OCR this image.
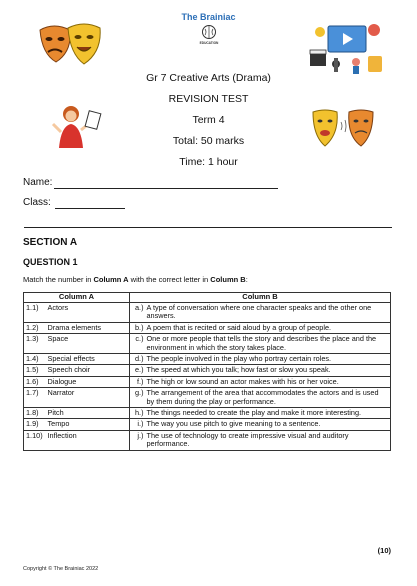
The Brainiac
EDUCATION
Gr 7 Creative Arts (Drama)
REVISION TEST
Term 4
Total: 50 marks
Time: 1 hour
Name:
Class:
SECTION A
QUESTION 1
Match the number in Column A with the correct letter in Column B:
Column A		Column B	
1.1)	Actors	a.)	A type of conversation where one character speaks and the other one answers.
1.2)	Drama elements	b.)	A poem that is recited or said aloud by a group of people.
1.3)	Space	c.)	One or more people that tells the story and describes the place and the environment in which the story takes place.
1.4)	Special effects	d.)	The people involved in the play who portray certain roles.
1.5)	Speech choir	e.)	The speed at which you talk; how fast or slow you speak.
1.6)	Dialogue	f.)	The high or low sound an actor makes with his or her voice.
1.7)	Narrator	g.)	The arrangement of the area that accommodates the actors and is used by them during the play or performance.
1.8)	Pitch	h.)	The things needed to create the play and make it more interesting.
1.9)	Tempo	i.)	The way you use pitch to give meaning to a sentence.
1.10)	Inflection	j.)	The use of technology to create impressive visual and auditory performance.
(10)
Copyright © The Brainiac 2022
